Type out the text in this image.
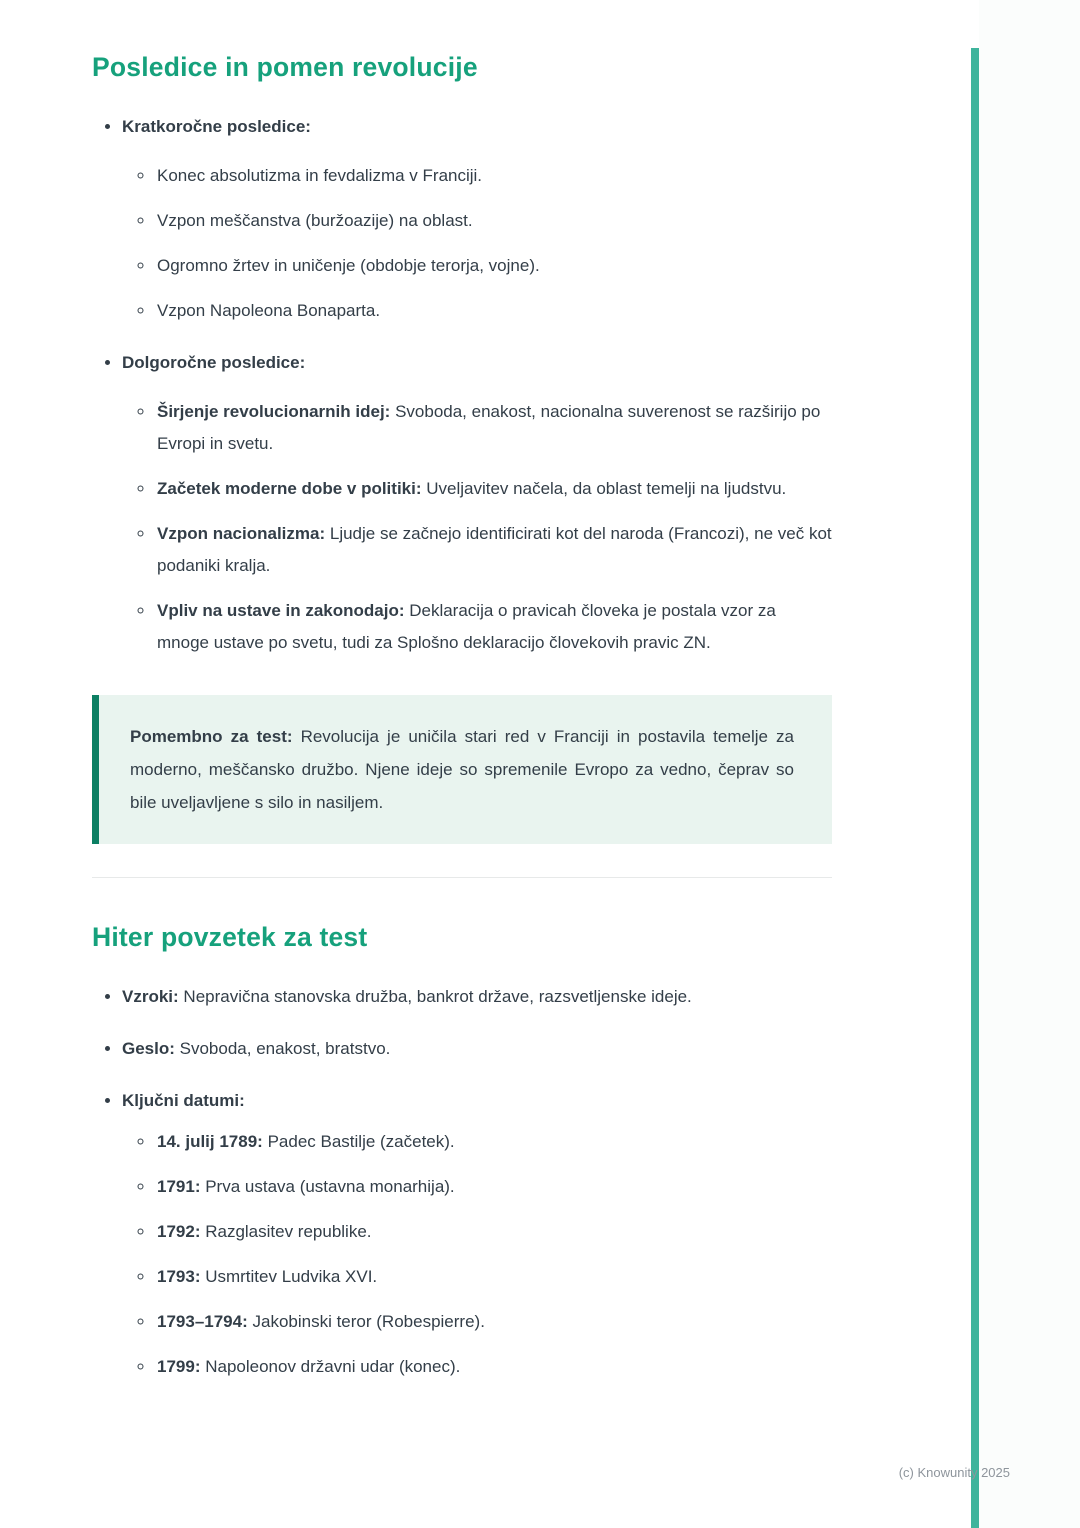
Posledice in pomen revolucije
• Kratkoročne posledice:
◦ Konec absolutizma in fevdalizma v Franciji.
◦ Vzpon meščanstva (buržoazije) na oblast.
◦ Ogromno žrtev in uničenje (obdobje terorja, vojne).
◦ Vzpon Napoleona Bonaparta.
• Dolgoročne posledice:
◦ Širjenje revolucionarnih idej: Svoboda, enakost, nacionalna suverenost se razširijo po Evropi in svetu.
◦ Začetek moderne dobe v politiki: Uveljavitev načela, da oblast temelji na ljudstvu.
◦ Vzpon nacionalizma: Ljudje se začnejo identificirati kot del naroda (Francozi), ne več kot podaniki kralja.
◦ Vpliv na ustave in zakonodajo: Deklaracija o pravicah človeka je postala vzor za mnoge ustave po svetu, tudi za Splošno deklaracijo človekovih pravic ZN.

Pomembno za test: Revolucija je uničila stari red v Franciji in postavila temelje za moderno, meščansko družbo. Njene ideje so spremenile Evropo za vedno, čeprav so bile uveljavljene s silo in nasiljem.

Hiter povzetek za test
• Vzroki: Nepravična stanovska družba, bankrot države, razsvetljenske ideje.
• Geslo: Svoboda, enakost, bratstvo.
• Ključni datumi:
◦ 14. julij 1789: Padec Bastilje (začetek).
◦ 1791: Prva ustava (ustavna monarhija).
◦ 1792: Razglasitev republike.
◦ 1793: Usmrtitev Ludvika XVI.
◦ 1793–1794: Jakobinski teror (Robespierre).
◦ 1799: Napoleonov državni udar (konec).
(c) Knowunity 2025
